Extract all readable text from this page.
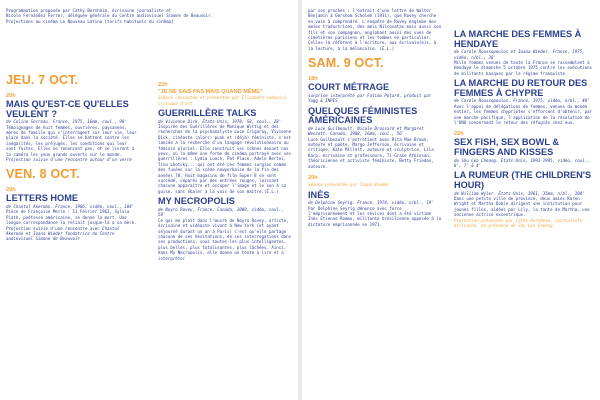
Programmation proposée par Cathy Bernheim, écrivaine journaliste et
Nicole Fernández Ferrer, déléguée générale du Centre audiovisuel Simone de Beauvoir.
Projections au cinéma Le Nouveau Latina [tarifs habituels du cinéma]
JEU. 7 OCT.
20h
MAIS QU'EST-CE QU'ELLES VEULENT ?
de Coline Serreau. France, 1975, 16mm, coul., 90'
Témoignages de huit femmes, ouvrières, paysannes, mères de famille qui s'interrogent sur leur vie, leur place dans la société. Elles se battent contre les inégalités, les préjugés, les conditions qui leur sont faites. Elles ne renoncent pas, et se livrent à la caméra les yeux grands ouverts sur le monde.
Projection suivie d'une rencontre autour d'un verre
VEN. 8 OCT.
20h
LETTERS HOME
de Chantal Akerman. France, 1986, vidéo, coul., 104'
Pièce de Françoise Merle : 11 Février 1963, Sylvia Plath, poétesse américaine, se donne la mort. Une longue correspondance la reliait jusque-là à sa mère.
Projection suivie d'une rencontre avec Chantal Akerman et Ioana Wieder fondatrice du Centre audiovisuel Simone de Beauvoir
22h
"JE NE SAIS PAS MAIS QUAND MÊME"
Séance concoctée et présentée par Élisabeth Lebovici, critique d'art
GUERRILLÈRE TALKS
de Vivienne Dick. États-Unis, 1978, S8, coul., 28'
Inspirée des Guérillères de Monique Wittig et des recherches de la psychanalyste Luce Irigaray, Vivienne Dick, cinéaste (alors) punk et (déjà) féministe, s'est lancée à la recherche d'un langage révolutionnaire au féminin pluriel. Elle construit ses scènes devant nos yeux, où la même une forme de cinéma portrayé avec ses guerrillères : Lydia Lunch, Pat Place, Adele Bertei, Tina Lhotsky... qui ont été ces femmes surgies comme des fusées sur la scène newyorkaise de la fin des années 70. Huit magasins de film Super 8 se sont succédé, séparés par des entrées rouges, laissant chacune apparaître et occuper l'image et le son à sa guise, sans ébaler à la voix de son maître.(É.L.)
MY NECROPOLIS
de Noyro Rovey. France, Canada, 2009, vidéo, coul., 50'
Ce qui me plaît dans l'œuvre de Noyro Rovey, artiste, écrivaine et vidéaste vivant à New York (et ayant séjourné durant un an à Paris) c'est qu'elle partage chacune de ses hésitations, de ses interrogations dans ses productions, sous toutes-les-plus intelligentes, plus belles, plus totalisantes, plus lâchées. Ainsi, dans My Necropolis, elle donne un texte à lire et à interpréter
par ses proches : l'extrait d'une lettre de Walter Benjamin à Gershom Scholem (1931), que Rovey cherche en vain à comprendre. L'enquête de Rovey englobe des amies traductrices, des amis Nilcovatas mais aussi son fils et son compagnon, englobant aussi des vues de cimetières parisiens et les tombes en particulier. Celles-là réfèrent à l'écriture, aux écrivain(e)s, à la lecture, à la mélancolie. (É.L.)
SAM. 9 OCT.
18h
COURT MÉTRAGE
surprise interprété par Fatima Potard, produit par Yogg & INPES
QUELQUES FÉMINISTES AMÉRICAINES
de Luce Guilbeault, Nicole Brossard et Margaret Wescott. Canada, 1988, 16mm, coul., 56'
Luce Guilbeault s'entretient avec Rita Mae Brown, auteure et poète, Margo Jefferson, écrivaine et critique, Kate Millett, auteure et sculptrice, Lila Karp, écrivaine et professeure, Ti-Grace Atkinson, théoricienne et activiste féministe, Betty Friedan, auteure.
20h
Séance présentée par Ioana Wieder
INÈS
de Delphine Seyrig. France, 1974, vidéo, n/bl., 19'
Par Delphine Seyrig dénonce avec force l'emprisonnement et les sévices dont a été victime Inès Etienne Romeu, militante brésilienne opposée à la dictature emprisonnée en 1971.
LA MARCHE DES FEMMES À HENDAYE
de Carole Roussopoulos et Ioana Wieder. France, 1975, vidéo, n/bl., 38'
Mille femmes venues de toute la France se rassemblent à Hendaye le dimanche 5 octobre 1975 contre les exécutions de militants basques par le régime franquiste.
LA MARCHE DU RETOUR DES FEMMES À CHYPRE
de Carole Roussopoulos. France, 1975, vidéo, n/bl., 40'
Avec l'appui de délégations de femmes, venues du monde entier, les femmes chypriotes s'efforcent d'obtenir, par une marche pacifique, l'application de la résolution de l'ONU concernant le retour des réfugiés chez eux.
22h
SEX FISH, SEX BOWL & FINGERS AND KISSES
de Shu Lea Cheang. États-Unis, 1993-1995, vidéo, coul., 8', 7' & 4'
LA RUMEUR (THE CHILDREN'S HOUR)
de William Wyler. États-Unis, 1961, 35mm, n/bl., 104'
Dans une petite ville de province, deux amies Karen Wright et Martha Dobie dirigent une institution pour jeunes filles, aidées par Lily, la tante de Martha, une ancienne actrice excentrique.
Projection présentée par Cathy Bernheim, journaliste écrivaine, en présence de Shu Lea Cheang
